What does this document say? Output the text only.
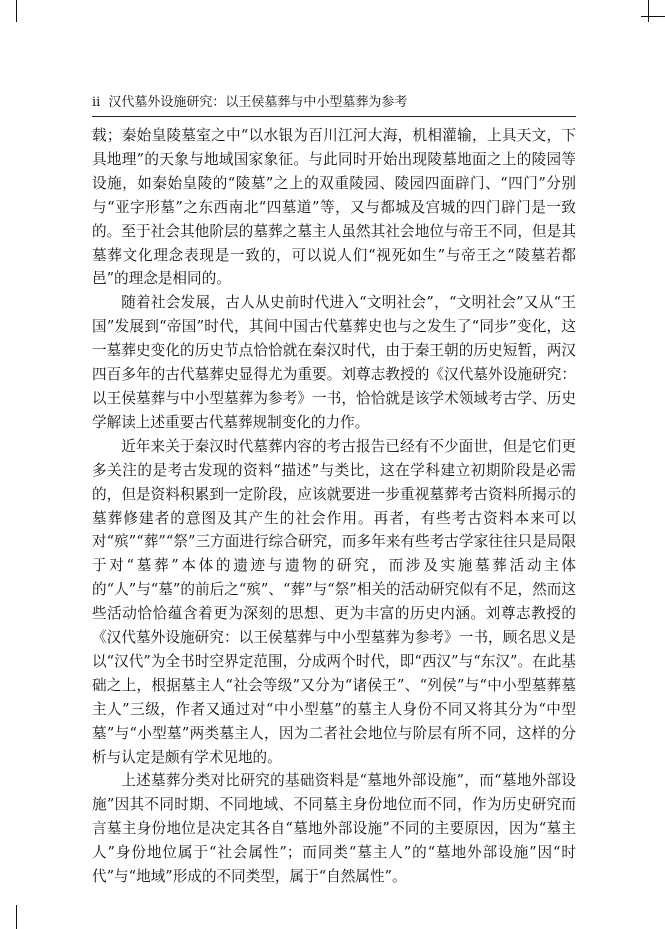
ii 汉代墓外设施研究：以王侯墓葬与中小型墓葬为参考

载；秦始皇陵墓室之中“以水银为百川江河大海，机相灌输，上具天文，下具地理”的天象与地域国家象征。与此同时开始出现陵墓地面之上的陵园等设施，如秦始皇陵的“陵墓”之上的双重陵园、陵园四面辟门、“四门”分别与“亚字形墓”之东西南北“四墓道”等，又与都城及宫城的四门辟门是一致的。至于社会其他阶层的墓葬之墓主人虽然其社会地位与帝王不同，但是其墓葬文化理念表现是一致的，可以说人们“视死如生”与帝王之“陵墓若都邑”的理念是相同的。

随着社会发展，古人从史前时代进入“文明社会”，“文明社会”又从“王国”发展到“帝国”时代，其间中国古代墓葬史也与之发生了“同步”变化，这一墓葬史变化的历史节点恰恰就在秦汉时代，由于秦王朝的历史短暂，两汉四百多年的古代墓葬史显得尤为重要。刘尊志教授的《汉代墓外设施研究：以王侯墓葬与中小型墓葬为参考》一书，恰恰就是该学术领域考古学、历史学解读上述重要古代墓葬规制变化的力作。

近年来关于秦汉时代墓葬内容的考古报告已经有不少面世，但是它们更多关注的是考古发现的资料“描述”与类比，这在学科建立初期阶段是必需的，但是资料积累到一定阶段，应该就要进一步重视墓葬考古资料所揭示的墓葬修建者的意图及其产生的社会作用。再者，有些考古资料本来可以对“殡”“葬”“祭”三方面进行综合研究，而多年来有些考古学家往往只是局限于对“墓葬”本体的遗迹与遗物的研究，而涉及实施墓葬活动主体的“人”与“墓”的前后之“殡”、“葬”与“祭”相关的活动研究似有不足，然而这些活动恰恰蕴含着更为深刻的思想、更为丰富的历史内涵。刘尊志教授的《汉代墓外设施研究：以王侯墓葬与中小型墓葬为参考》一书，顾名思义是以“汉代”为全书时空界定范围，分成两个时代，即“西汉”与“东汉”。在此基础之上，根据墓主人“社会等级”又分为“诸侯王”、“列侯”与“中小型墓葬墓主人”三级，作者又通过对“中小型墓”的墓主人身份不同又将其分为“中型墓”与“小型墓”两类墓主人，因为二者社会地位与阶层有所不同，这样的分析与认定是颇有学术见地的。

上述墓葬分类对比研究的基础资料是“墓地外部设施”，而“墓地外部设施”因其不同时期、不同地域、不同墓主身份地位而不同，作为历史研究而言墓主身份地位是决定其各自“墓地外部设施”不同的主要原因，因为“墓主人”身份地位属于“社会属性”；而同类“墓主人”的“墓地外部设施”因“时代”与“地域”形成的不同类型，属于“自然属性”。
